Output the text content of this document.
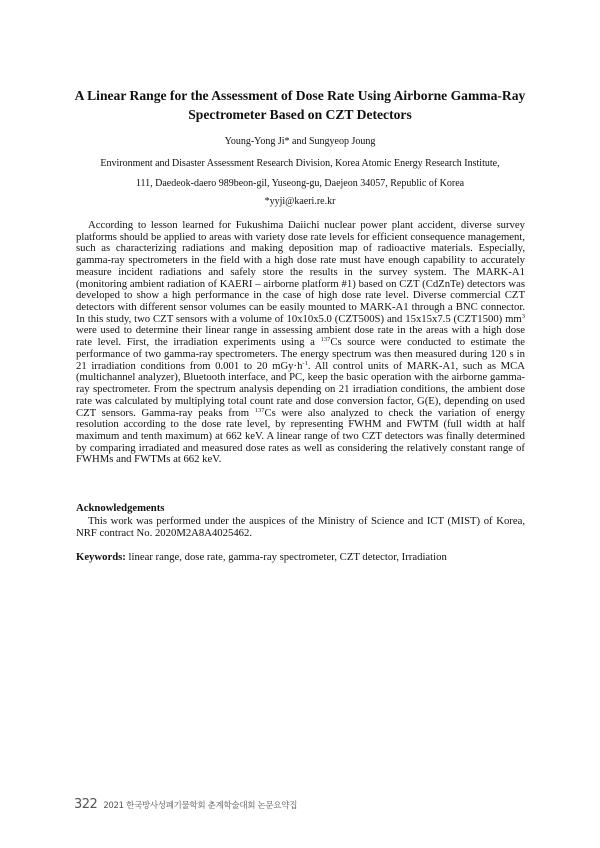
A Linear Range for the Assessment of Dose Rate Using Airborne Gamma-Ray
Spectrometer Based on CZT Detectors
Young-Yong Ji* and Sungyeop Joung
Environment and Disaster Assessment Research Division, Korea Atomic Energy Research Institute,
111, Daedeok-daero 989beon-gil, Yuseong-gu, Daejeon 34057, Republic of Korea
*yyji@kaeri.re.kr

According to lesson learned for Fukushima Daiichi nuclear power plant accident, diverse survey platforms should be applied to areas with variety dose rate levels for efficient consequence management, such as characterizing radiations and making deposition map of radioactive materials. Especially, gamma-ray spectrometers in the field with a high dose rate must have enough capability to accurately measure incident radiations and safely store the results in the survey system. The MARK-A1 (monitoring ambient radiation of KAERI – airborne platform #1) based on CZT (CdZnTe) detectors was developed to show a high performance in the case of high dose rate level. Diverse commercial CZT detectors with different sensor volumes can be easily mounted to MARK-A1 through a BNC connector. In this study, two CZT sensors with a volume of 10x10x5.0 (CZT500S) and 15x15x7.5 (CZT1500) $mm^3$ were used to determine their linear range in assessing ambient dose rate in the areas with a high dose rate level. First, the irradiation experiments using a $^{137}$Cs source were conducted to estimate the performance of two gamma-ray spectrometers. The energy spectrum was then measured during 120 s in 21 irradiation conditions from 0.001 to 20 $mGy\cdot h^{-1}$. All control units of MARK-A1, such as MCA (multichannel analyzer), Bluetooth interface, and PC, keep the basic operation with the airborne gamma-ray spectrometer. From the spectrum analysis depending on 21 irradiation conditions, the ambient dose rate was calculated by multiplying total count rate and dose conversion factor, G(E), depending on used CZT sensors. Gamma-ray peaks from $^{137}$Cs were also analyzed to check the variation of energy resolution according to the dose rate level, by representing FWHM and FWTM (full width at half maximum and tenth maximum) at 662 keV. A linear range of two CZT detectors was finally determined by comparing irradiated and measured dose rates as well as considering the relatively constant range of FWHMs and FWTMs at 662 keV.

Acknowledgements

This work was performed under the auspices of the Ministry of Science and ICT (MIST) of Korea, NRF contract No. 2020M2A8A4025462.

Keywords: linear range, dose rate, gamma-ray spectrometer, CZT detector, Irradiation
322 2021 한국방사성폐기물학회 춘계학술대회 논문요약집
